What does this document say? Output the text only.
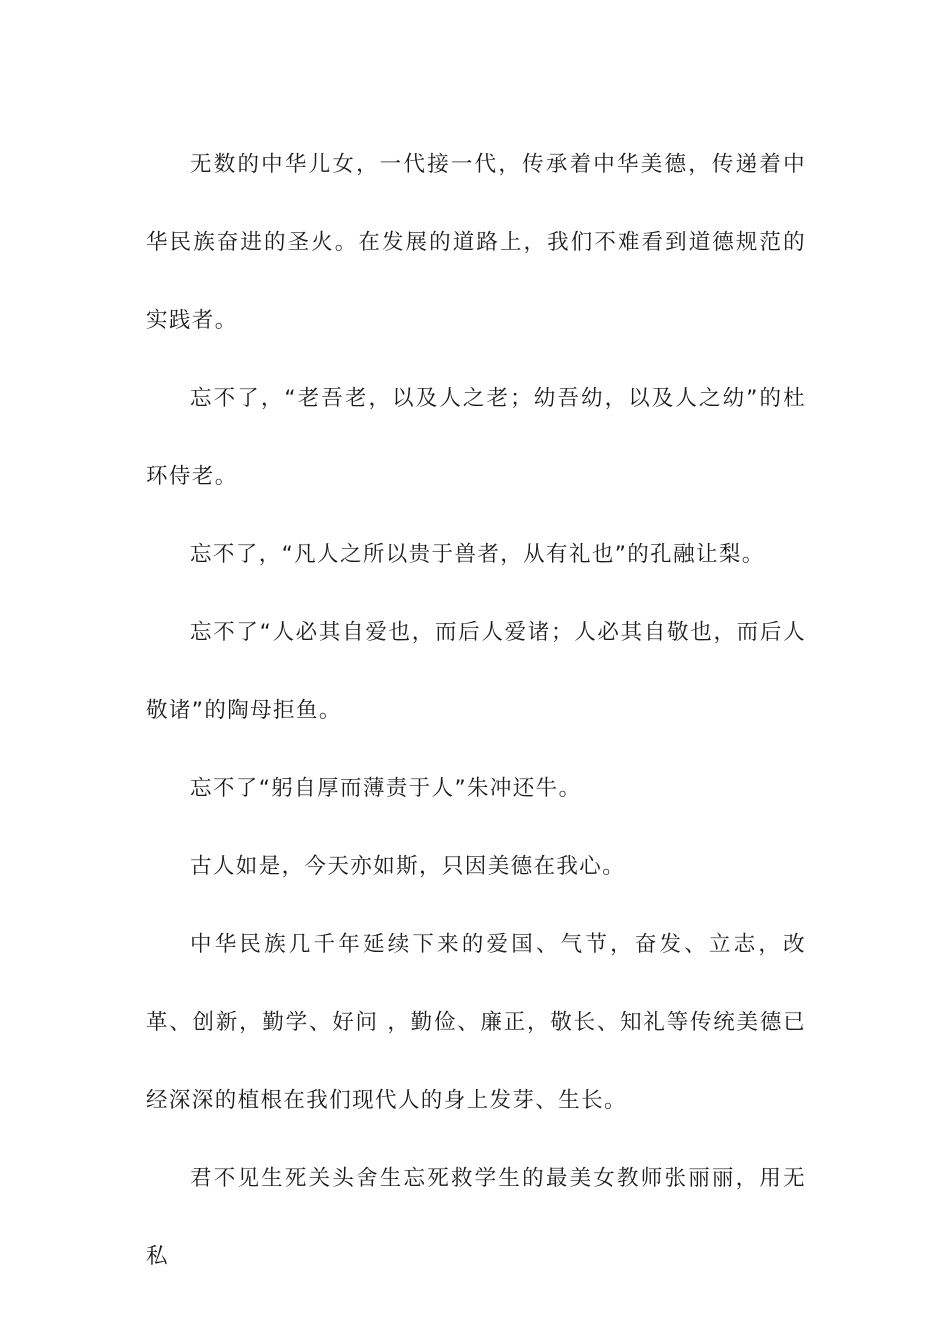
无数的中华儿女，一代接一代，传承着中华美德，传递着中华民族奋进的圣火。在发展的道路上，我们不难看到道德规范的实践者。

忘不了，“老吾老，以及人之老；幼吾幼，以及人之幼”的杜环侍老。

忘不了，“凡人之所以贵于兽者，从有礼也”的孔融让梨。

忘不了“人必其自爱也，而后人爱诸；人必其自敬也，而后人敬诸”的陶母拒鱼。

忘不了“躬自厚而薄责于人”朱冲还牛。

古人如是，今天亦如斯，只因美德在我心。

中华民族几千年延续下来的爱国、气节，奋发、立志，改革、创新，勤学、好问 ，勤俭、廉正，敬长、知礼等传统美德已经深深的植根在我们现代人的身上发芽、生长。

君不见生死关头舍生忘死救学生的最美女教师张丽丽，用无私
